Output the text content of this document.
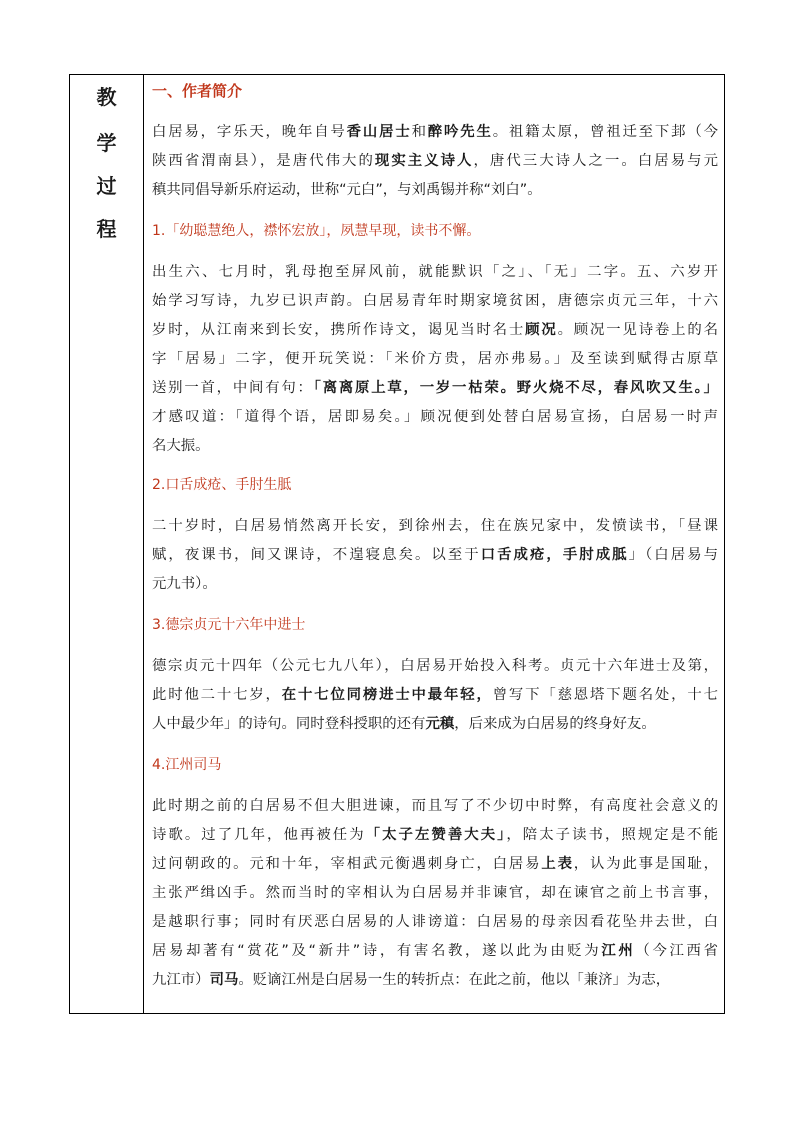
教
学
过
程
一、作者简介
白居易，字乐天，晚年自号香山居士和醉吟先生。祖籍太原，曾祖迁至下邽（今
陕西省渭南县），是唐代伟大的现实主义诗人，唐代三大诗人之一。白居易与元
稹共同倡导新乐府运动，世称“元白”，与刘禹锡并称“刘白”。
1.「幼聪慧绝人，襟怀宏放」，夙慧早现，读书不懈。
出生六、七月时，乳母抱至屏风前，就能默识「之」、「无」二字。五、六岁开
始学习写诗，九岁已识声韵。白居易青年时期家境贫困，唐德宗贞元三年，十六
岁时，从江南来到长安，携所作诗文，谒见当时名士顾况。顾况一见诗卷上的名
字「居易」二字，便开玩笑说：「米价方贵，居亦弗易。」及至读到赋得古原草
送别一首，中间有句：「离离原上草，一岁一枯荣。野火烧不尽，春风吹又生。」
才感叹道：「道得个语，居即易矣。」顾况便到处替白居易宣扬，白居易一时声
名大振。
2.口舌成疮、手肘生胝
二十岁时，白居易悄然离开长安，到徐州去，住在族兄家中，发愤读书，「昼课
赋，夜课书，间又课诗，不遑寝息矣。以至于口舌成疮，手肘成胝」（白居易与
元九书）。
3.德宗贞元十六年中进士
德宗贞元十四年（公元七九八年），白居易开始投入科考。贞元十六年进士及第，
此时他二十七岁，在十七位同榜进士中最年轻，曾写下「慈恩塔下题名处，十七
人中最少年」的诗句。同时登科授职的还有元稹，后来成为白居易的终身好友。
4.江州司马
此时期之前的白居易不但大胆进谏，而且写了不少切中时弊，有高度社会意义的
诗歌。过了几年，他再被任为「太子左赞善大夫」，陪太子读书，照规定是不能
过问朝政的。元和十年，宰相武元衡遇刺身亡，白居易上表，认为此事是国耻，
主张严缉凶手。然而当时的宰相认为白居易并非谏官，却在谏官之前上书言事，
是越职行事；同时有厌恶白居易的人诽谤道：白居易的母亲因看花坠井去世，白
居易却著有“赏花”及“新井”诗，有害名教，遂以此为由贬为江州（今江西省
九江市）司马。贬谪江州是白居易一生的转折点：在此之前，他以「兼济」为志，
